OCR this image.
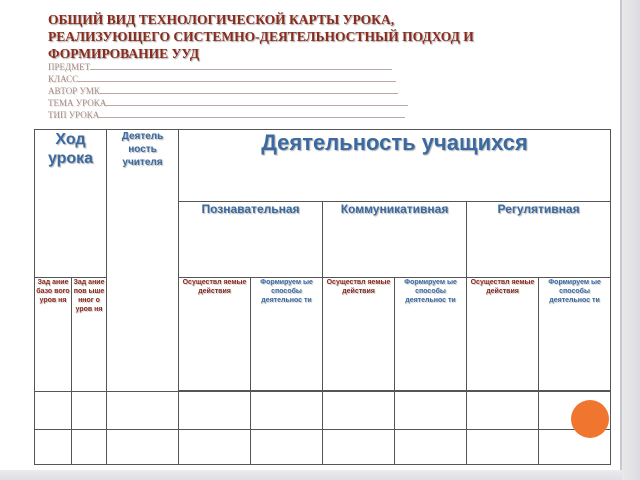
ОБЩИЙ ВИД ТЕХНОЛОГИЧЕСКОЙ КАРТЫ УРОКА,
РЕАЛИЗУЮЩЕГО СИСТЕМНО-ДЕЯТЕЛЬНОСТНЫЙ ПОДХОД И
ФОРМИРОВАНИЕ УУД
ПРЕДМЕТ
КЛАСС
АВТОР УМК
ТЕМА УРОКА
ТИП УРОКА
Ход урока		Деятель ность учителя	Деятельность учащихся					
			Познавательная		Коммуникативная		Регулятивная	
Зад ание базо вого уров ня	Зад ание пов ыше нног о уров ня		Осуществл яемые действия	Формируем ые способы деятельнос ти	Осуществл яемые действия	Формируем ые способы деятельнос ти	Осуществл яемые действия	Формируем ые способы деятельнос ти
